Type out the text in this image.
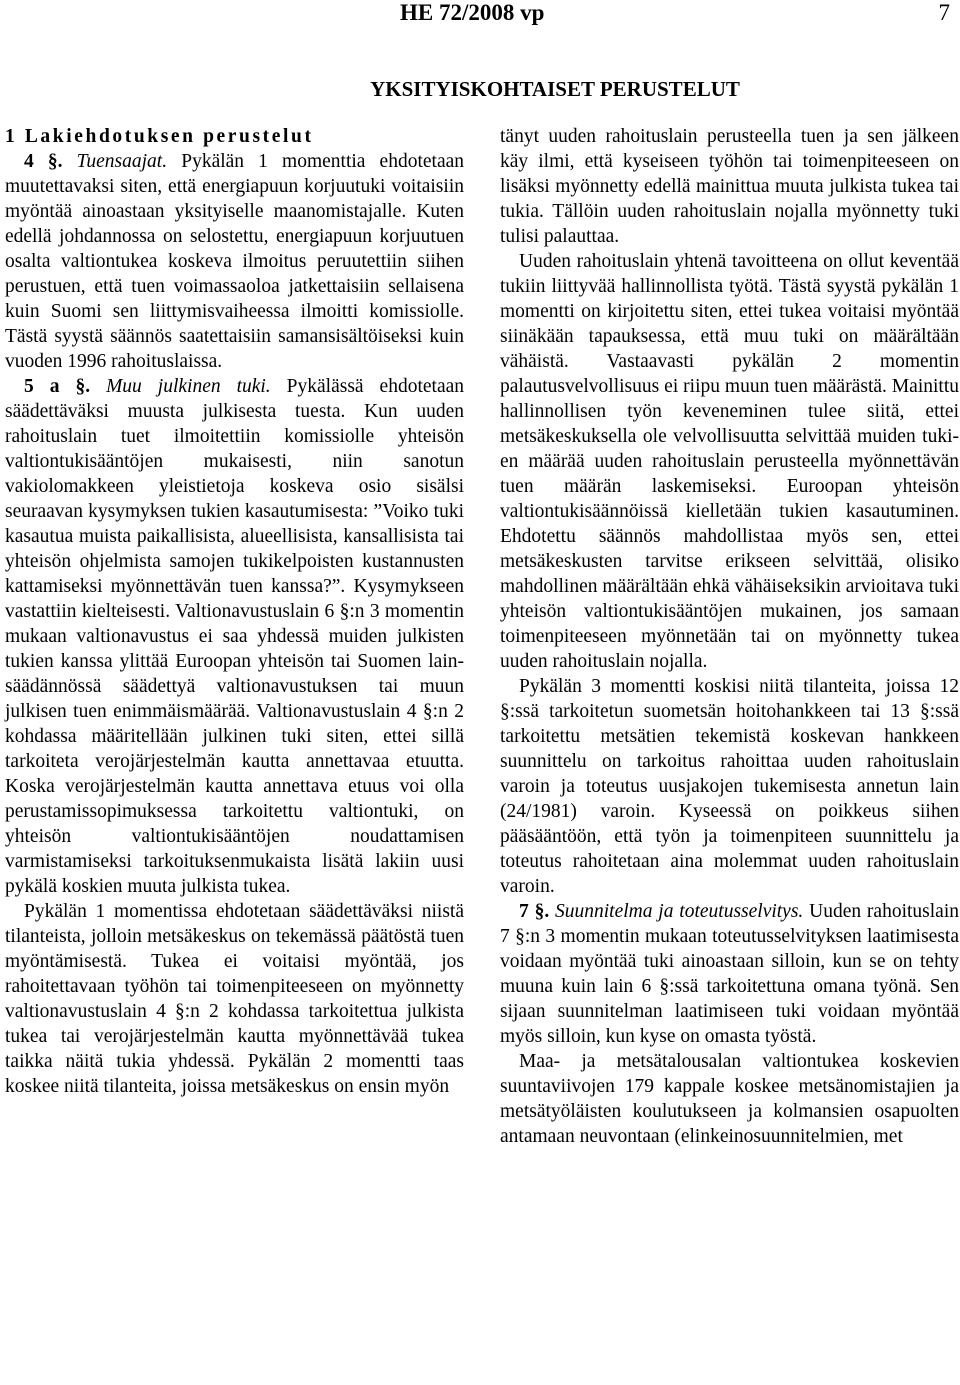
HE 72/2008 vp	7
YKSITYISKOHTAISET PERUSTELUT

1 Lakiehdotuksen perustelut

4 §. Tuensaajat. Pykälän 1 momenttia ehdotetaan muutettavaksi siten, että energiapuun korjuutuki voitaisiin myöntää ainoastaan yksityiselle maanomistajalle. Kuten edellä johdannossa on selostettu, energiapuun korjuutuen osalta valtiontukea koskeva ilmoitus peruutettiin siihen perustuen, että tuen voimassaoloa jatkettaisiin sellaisena kuin Suomi sen liittymisvaiheessa ilmoitti komissiolle. Tästä syystä säännös saatettaisiin samansisältöiseksi kuin vuoden 1996 rahoituslaissa.

5 a §. Muu julkinen tuki. Pykälässä ehdotetaan säädettäväksi muusta julkisesta tuesta. Kun uuden rahoituslain tuet ilmoitettiin komissiolle yhteisön valtiontukisääntöjen mukaisesti, niin sanotun vakiolomakkeen yleistietoja koskeva osio sisälsi seuraavan kysymyksen tukien kasautumisesta: ”Voiko tuki kasautua muista paikallisista, alueellisista, kansallisista tai yhteisön ohjelmista samojen tukikelpoisten kustannusten kattamiseksi myönnettävän tuen kanssa?”. Kysymykseen vastattiin kielteisesti. Valtionavustuslain 6 §:n 3 momentin mukaan valtionavustus ei saa yhdessä muiden julkisten tukien kanssa ylittää Euroopan yhteisön tai Suomen lainsäädännössä säädettyä valtionavustuksen tai muun julkisen tuen enimmäismäärää. Valtionavustuslain 4 §:n 2 kohdassa määritellään julkinen tuki siten, ettei sillä tarkoiteta verojärjestelmän kautta annettavaa etuutta. Koska verojärjestelmän kautta annettava etuus voi olla perustamissopimuksessa tarkoitettu valtiontuki, on yhteisön valtiontukisääntöjen noudattamisen varmistamiseksi tarkoituksenmukaista lisätä lakiin uusi pykälä koskien muuta julkista tukea.

Pykälän 1 momentissa ehdotetaan säädettäväksi niistä tilanteista, jolloin metsäkeskus on tekemässä päätöstä tuen myöntämisestä. Tukea ei voitaisi myöntää, jos rahoitettavaan työhön tai toimenpiteeseen on myönnetty valtionavustuslain 4 §:n 2 kohdassa tarkoitettua julkista tukea tai verojärjestelmän kautta myönnettävää tukea taikka näitä tukia yhdessä. Pykälän 2 momentti taas koskee niitä tilanteita, joissa metsäkeskus on ensin myön

tänyt uuden rahoituslain perusteella tuen ja sen jälkeen käy ilmi, että kyseiseen työhön tai toimenpiteeseen on lisäksi myönnetty edellä mainittua muuta julkista tukea tai tukia. Tällöin uuden rahoituslain nojalla myönnetty tuki tulisi palauttaa.

Uuden rahoituslain yhtenä tavoitteena on ollut keventää tukiin liittyvää hallinnollista työtä. Tästä syystä pykälän 1 momentti on kirjoitettu siten, ettei tukea voitaisi myöntää siinäkään tapauksessa, että muu tuki on määrältään vähäistä. Vastaavasti pykälän 2 momentin palautusvelvollisuus ei riipu muun tuen määrästä. Mainittu hallinnollisen työn keveneminen tulee siitä, ettei metsäkeskuksella ole velvollisuutta selvittää muiden tukien määrää uuden rahoituslain perusteella myönnettävän tuen määrän laskemiseksi. Euroopan yhteisön valtiontukisäännöissä kielletään tukien kasautuminen. Ehdotettu säännös mahdollistaa myös sen, ettei metsäkeskusten tarvitse erikseen selvittää, olisiko mahdollinen määrältään ehkä vähäiseksikin arvioitava tuki yhteisön valtiontukisääntöjen mukainen, jos samaan toimenpiteeseen myönnetään tai on myönnetty tukea uuden rahoituslain nojalla.

Pykälän 3 momentti koskisi niitä tilanteita, joissa 12 §:ssä tarkoitetun suometsän hoitohankkeen tai 13 §:ssä tarkoitettu metsätien tekemistä koskevan hankkeen suunnittelu on tarkoitus rahoittaa uuden rahoituslain varoin ja toteutus uusjakojen tukemisesta annetun lain (24/1981) varoin. Kyseessä on poikkeus siihen pääsääntöön, että työn ja toimenpiteen suunnittelu ja toteutus rahoitetaan aina molemmat uuden rahoituslain varoin.

7 §. Suunnitelma ja toteutusselvitys. Uuden rahoituslain 7 §:n 3 momentin mukaan toteutusselvityksen laatimisesta voidaan myöntää tuki ainoastaan silloin, kun se on tehty muuna kuin lain 6 §:ssä tarkoitettuna omana työnä. Sen sijaan suunnitelman laatimiseen tuki voidaan myöntää myös silloin, kun kyse on omasta työstä.

Maa- ja metsätalousalan valtiontukea koskevien suuntaviivojen 179 kappale koskee metsänomistajien ja metsätyöläisten koulutukseen ja kolmansien osapuolten antamaan neuvontaan (elinkeinosuunnitelmien, met
